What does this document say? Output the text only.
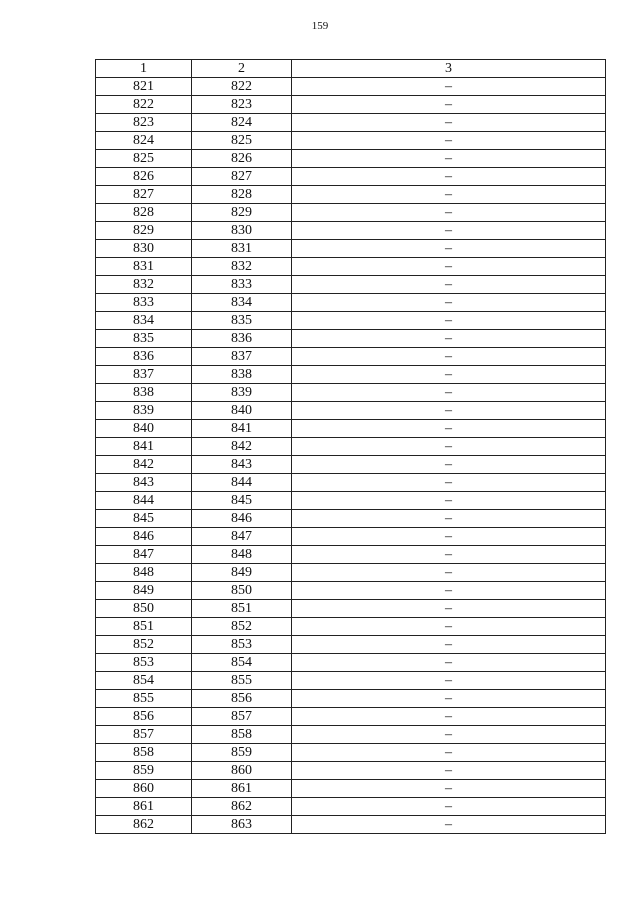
159
1	2	3
821	822	–
822	823	–
823	824	–
824	825	–
825	826	–
826	827	–
827	828	–
828	829	–
829	830	–
830	831	–
831	832	–
832	833	–
833	834	–
834	835	–
835	836	–
836	837	–
837	838	–
838	839	–
839	840	–
840	841	–
841	842	–
842	843	–
843	844	–
844	845	–
845	846	–
846	847	–
847	848	–
848	849	–
849	850	–
850	851	–
851	852	–
852	853	–
853	854	–
854	855	–
855	856	–
856	857	–
857	858	–
858	859	–
859	860	–
860	861	–
861	862	–
862	863	–
